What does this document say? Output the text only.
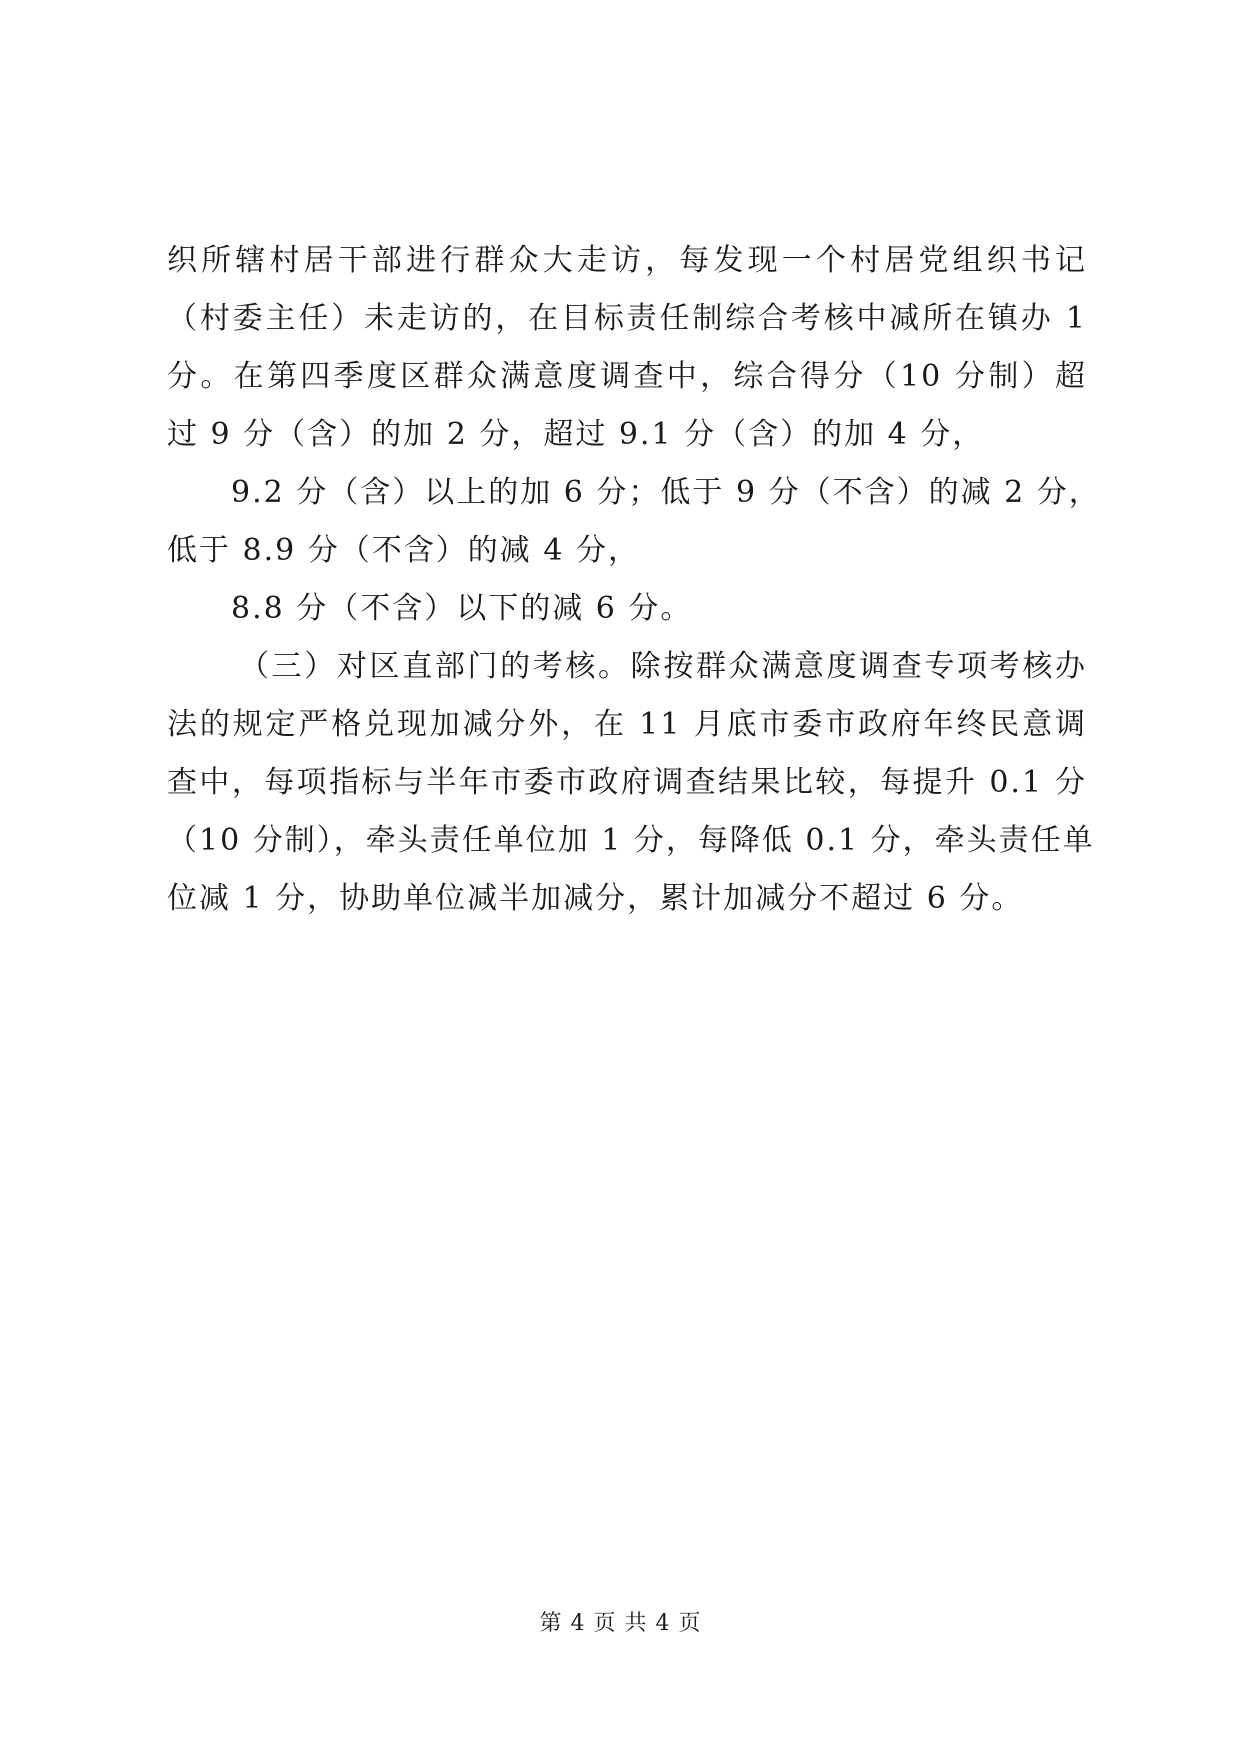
织所辖村居干部进行群众大走访，每发现一个村居党组织书记
（村委主任）未走访的，在目标责任制综合考核中减所在镇办 1
分。在第四季度区群众满意度调查中，综合得分（10 分制）超
过 9 分（含）的加 2 分，超过 9.1 分（含）的加 4 分，
9.2 分（含）以上的加 6 分；低于 9 分（不含）的减 2 分，
低于 8.9 分（不含）的减 4 分，
8.8 分（不含）以下的减 6 分。
（三）对区直部门的考核。除按群众满意度调查专项考核办
法的规定严格兑现加减分外，在 11 月底市委市政府年终民意调
查中，每项指标与半年市委市政府调查结果比较，每提升 0.1 分
（10 分制），牵头责任单位加 1 分，每降低 0.1 分，牵头责任单
位减 1 分，协助单位减半加减分，累计加减分不超过 6 分。
第 4 页 共 4 页
